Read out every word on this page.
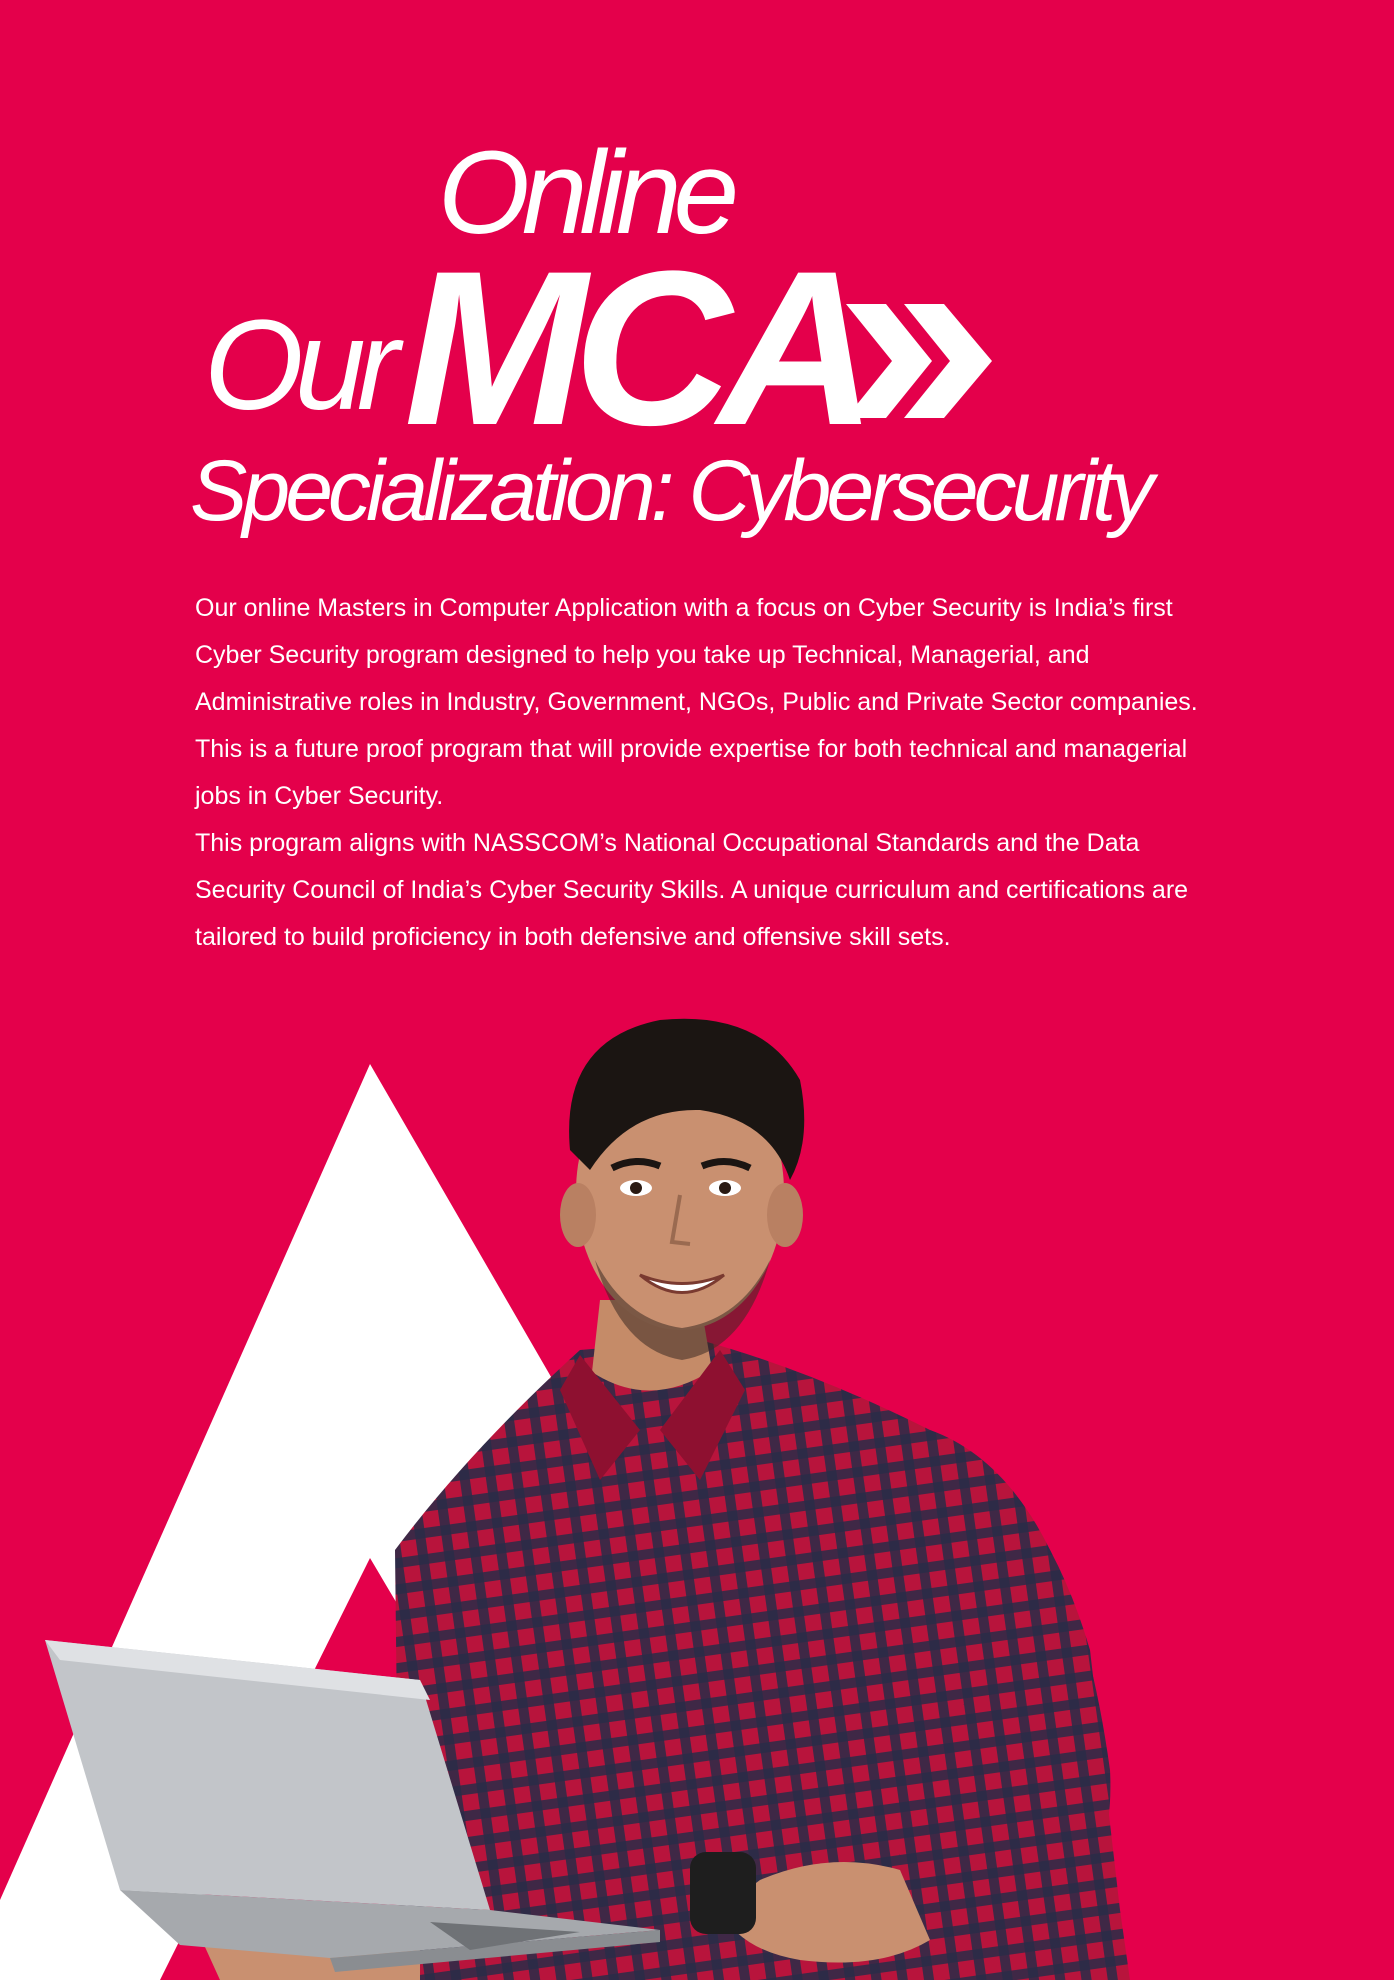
Online
Our MCA
Specialization: Cybersecurity

Our online Masters in Computer Application with a focus on Cyber Security is India’s first Cyber Security program designed to help you take up Technical, Managerial, and Administrative roles in Industry, Government, NGOs, Public and Private Sector companies. This is a future proof program that will provide expertise for both technical and managerial jobs in Cyber Security.

This program aligns with NASSCOM’s National Occupational Standards and the Data Security Council of India’s Cyber Security Skills. A unique curriculum and certifications are tailored to build proficiency in both defensive and offensive skill sets.
